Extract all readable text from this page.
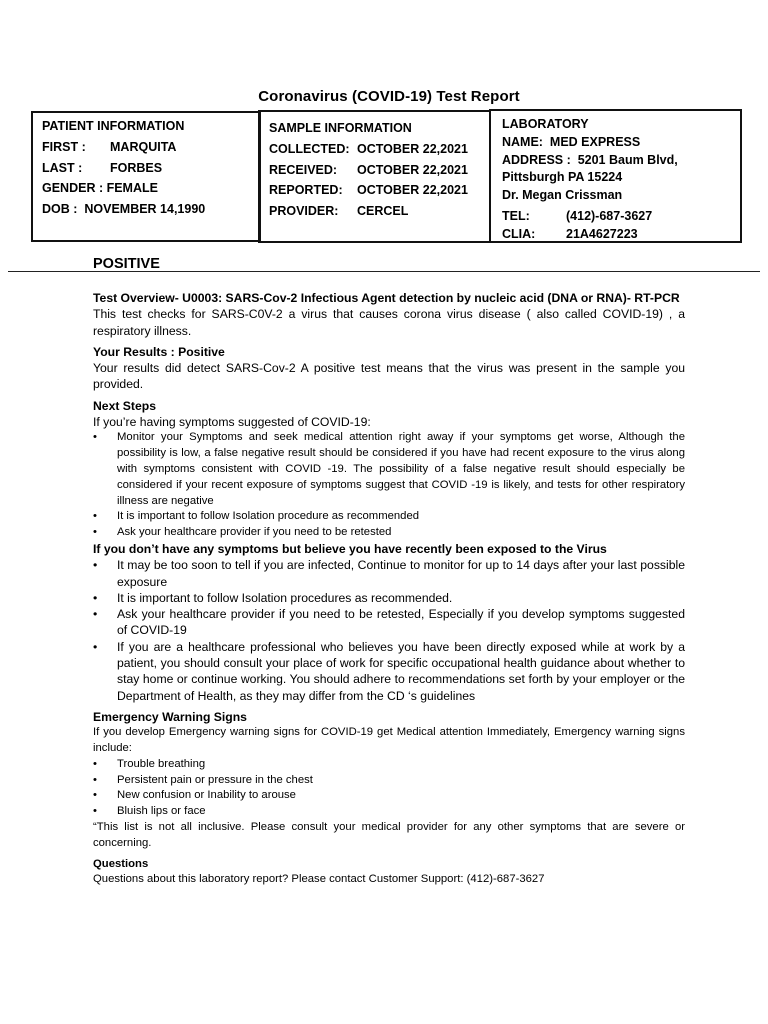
Coronavirus (COVID-19) Test Report
PATIENT INFORMATION
FIRST : MARQUITA
LAST : FORBES
GENDER : FEMALE
DOB :  NOVEMBER 14,1990
SAMPLE INFORMATION
COLLECTED: OCTOBER 22,2021
RECEIVED: OCTOBER 22,2021
REPORTED: OCTOBER 22,2021
PROVIDER: CERCEL
LABORATORY
NAME:  MED EXPRESS
ADDRESS :  5201 Baum Blvd,
Pittsburgh PA 15224
Dr. Megan Crissman
TEL:	(412)-687-3627
CLIA: 21A4627223
POSITIVE
Test Overview- U0003: SARS-Cov-2 Infectious Agent detection by nucleic acid (DNA or RNA)- RT-PCR

This test checks for SARS-C0V-2 a virus that causes corona virus disease ( also called COVID-19) , a respiratory illness.

Your Results : Positive

Your results did detect SARS-Cov-2 A positive test means that the virus was present in the sample you provided.

Next Steps

If you’re having symptoms suggested of COVID-19:

• Monitor your Symptoms and seek medical attention right away if your symptoms get worse, Although the possibility is low, a false negative result should be considered if you have had recent exposure to the virus along with symptoms consistent with COVID -19. The possibility of a false negative result should especially be considered if your recent exposure of symptoms suggest that COVID -19 is likely, and tests for other respiratory illness are negative
• It is important to follow Isolation procedure as recommended
• Ask your healthcare provider if you need to be retested
If you don’t have any symptoms but believe you have recently been exposed to the Virus
• It may be too soon to tell if you are infected, Continue to monitor for up to 14 days after your last possible exposure
• It is important to follow Isolation procedures as recommended.
• Ask your healthcare provider if you need to be retested, Especially if you develop symptoms suggested of COVID-19
• If you are a healthcare professional who believes you have been directly exposed while at work by a patient, you should consult your place of work for specific occupational health guidance about whether to stay home or continue working. You should adhere to recommendations set forth by your employer or the Department of Health, as they may differ from the CD ‘s guidelines
Emergency Warning Signs

If you develop Emergency warning signs for COVID-19 get Medical attention Immediately, Emergency warning signs include:

• Trouble breathing
• Persistent pain or pressure in the chest
• New confusion or Inability to arouse
• Bluish lips or face

“This list is not all inclusive. Please consult your medical provider for any other symptoms that are severe or concerning.

Questions

Questions about this laboratory report? Please contact Customer Support: (412)-687-3627
